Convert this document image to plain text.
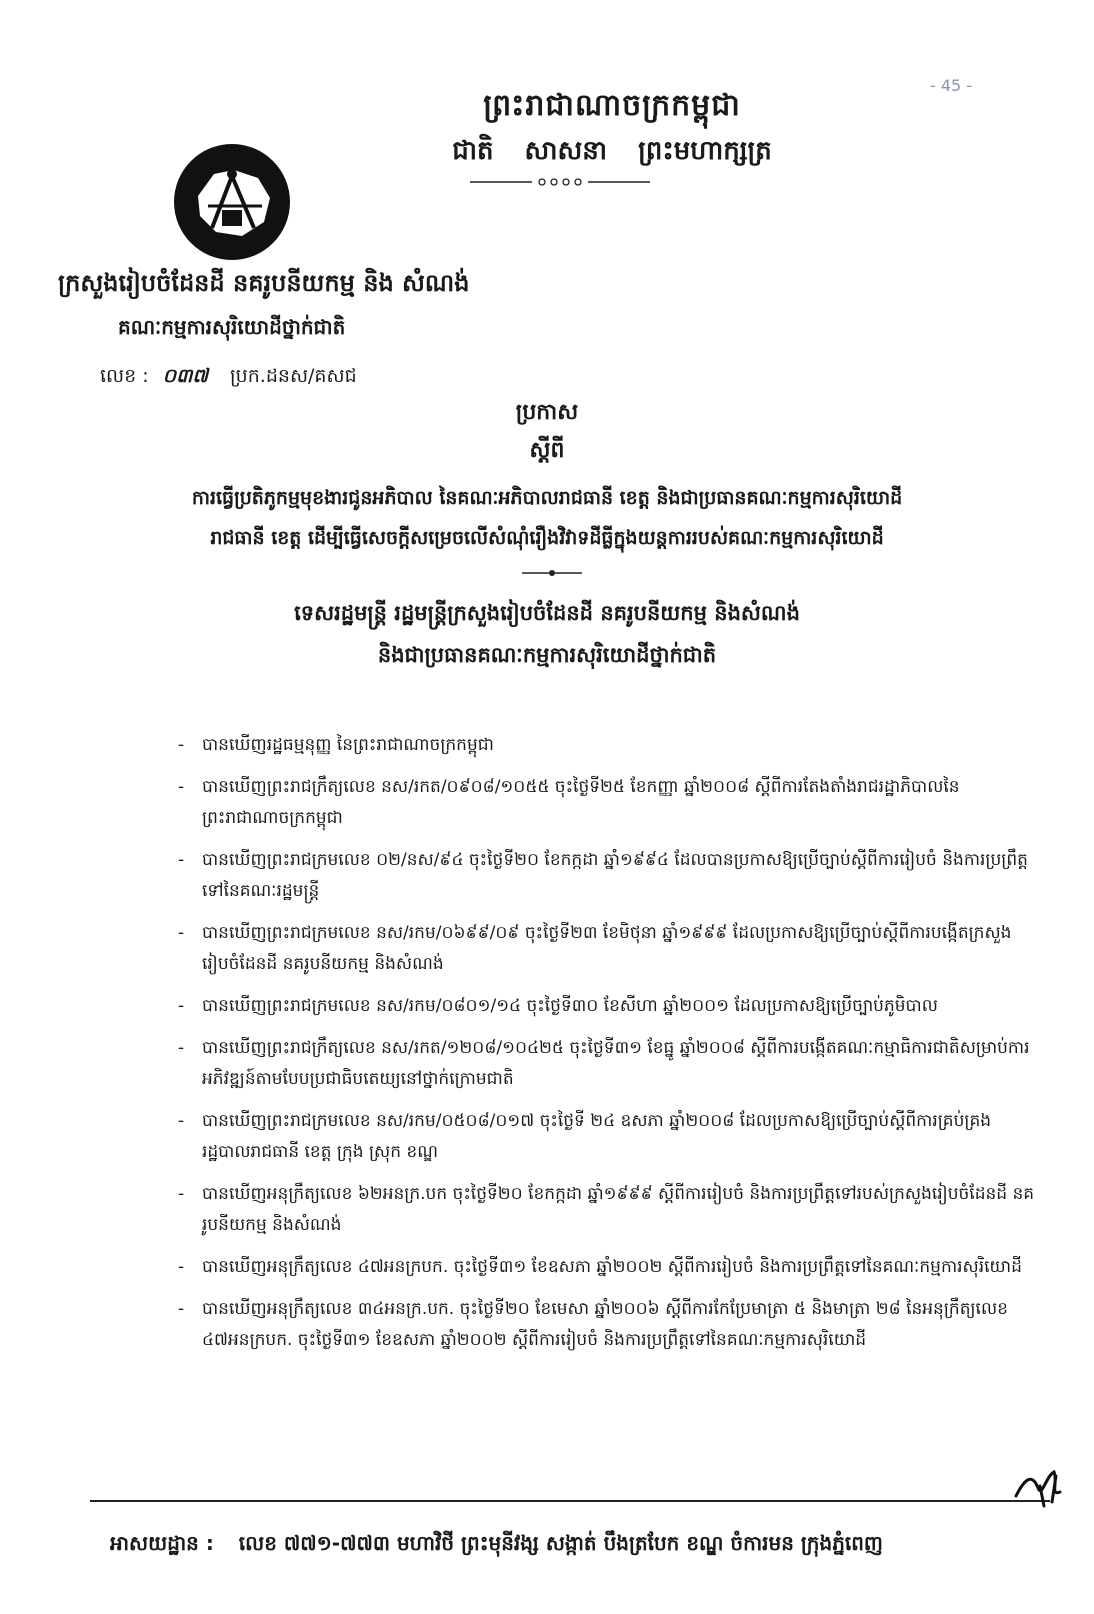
- 45 -
ព្រះរាជាណាចក្រកម្ពុជា
ជាតិ សាសនា ព្រះមហាក្សត្រ
ក្រសួងរៀបចំដែនដី នគរូបនីយកម្ម និង សំណង់
គណៈកម្មការសុរិយោដីថ្នាក់ជាតិ
លេខ : ០៣៧ ប្រក.ដនស/គសជ
ប្រកាស
ស្តីពី
ការធ្វើប្រតិភូកម្មមុខងារជូនអភិបាល នៃគណៈអភិបាលរាជធានី ខេត្ត និងជាប្រធានគណៈកម្មការសុរិយោដី
រាជធានី ខេត្ត ដើម្បីធ្វើសេចក្តីសម្រេចលើសំណុំរឿងវិវាទដីធ្លីក្នុងយន្តការរបស់គណៈកម្មការសុរិយោដី
ទេសរដ្ឋមន្ត្រី រដ្ឋមន្ត្រីក្រសួងរៀបចំដែនដី នគរូបនីយកម្ម និងសំណង់
និងជាប្រធានគណៈកម្មការសុរិយោដីថ្នាក់ជាតិ
- បានឃើញរដ្ឋធម្មនុញ្ញ នៃព្រះរាជាណាចក្រកម្ពុជា
- បានឃើញព្រះរាជក្រឹត្យលេខ នស/រកត/០៩០៨/១០៥៥ ចុះថ្ងៃទី២៥ ខែកញ្ញា ឆ្នាំ២០០៨ ស្តីពីការតែងតាំងរាជរដ្ឋាភិបាលនៃព្រះរាជាណាចក្រកម្ពុជា
- បានឃើញព្រះរាជក្រមលេខ ០២/នស/៩៤ ចុះថ្ងៃទី២០ ខែកក្កដា ឆ្នាំ១៩៩៤ ដែលបានប្រកាសឱ្យប្រើច្បាប់ស្តីពីការរៀបចំ និងការប្រព្រឹត្តទៅនៃគណៈរដ្ឋមន្ត្រី
- បានឃើញព្រះរាជក្រមលេខ នស/រកម/០៦៩៩/០៩ ចុះថ្ងៃទី២៣ ខែមិថុនា ឆ្នាំ១៩៩៩ ដែលប្រកាសឱ្យប្រើច្បាប់ស្តីពីការបង្កើតក្រសួងរៀបចំដែនដី នគរូបនីយកម្ម និងសំណង់
- បានឃើញព្រះរាជក្រមលេខ នស/រកម/០៨០១/១៤ ចុះថ្ងៃទី៣០ ខែសីហា ឆ្នាំ២០០១ ដែលប្រកាសឱ្យប្រើច្បាប់ភូមិបាល
- បានឃើញព្រះរាជក្រឹត្យលេខ នស/រកត/១២០៨/១០៤២៥ ចុះថ្ងៃទី៣១ ខែធ្នូ ឆ្នាំ២០០៨ ស្តីពីការបង្កើតគណៈកម្មាធិការជាតិសម្រាប់ការអភិវឌ្ឍន៍តាមបែបប្រជាធិបតេយ្យនៅថ្នាក់ក្រោមជាតិ
- បានឃើញព្រះរាជក្រមលេខ នស/រកម/០៥០៨/០១៧ ចុះថ្ងៃទី ២៤ ឧសភា ឆ្នាំ២០០៨ ដែលប្រកាសឱ្យប្រើច្បាប់ស្តីពីការគ្រប់គ្រងរដ្ឋបាលរាជធានី ខេត្ត ក្រុង ស្រុក ខណ្ឌ
- បានឃើញអនុក្រឹត្យលេខ ៦២អនក្រ.បក ចុះថ្ងៃទី២០ ខែកក្កដា ឆ្នាំ១៩៩៩ ស្តីពីការរៀបចំ និងការប្រព្រឹត្តទៅរបស់ក្រសួងរៀបចំដែនដី នគរូបនីយកម្ម និងសំណង់
- បានឃើញអនុក្រឹត្យលេខ ៤៧អនក្របក. ចុះថ្ងៃទី៣១ ខែឧសភា ឆ្នាំ២០០២ ស្តីពីការរៀបចំ និងការប្រព្រឹត្តទៅនៃគណៈកម្មការសុរិយោដី
- បានឃើញអនុក្រឹត្យលេខ ៣៤អនក្រ.បក. ចុះថ្ងៃទី២០ ខែមេសា ឆ្នាំ២០០៦ ស្តីពីការកែប្រែមាត្រា ៥ និងមាត្រា ២៨ នៃអនុក្រឹត្យលេខ ៤៧អនក្របក. ចុះថ្ងៃទី៣១ ខែឧសភា ឆ្នាំ២០០២ ស្តីពីការរៀបចំ និងការប្រព្រឹត្តទៅនៃគណៈកម្មការសុរិយោដី
អាសយដ្ឋាន : លេខ ៧៧១-៧៧៣ មហាវិថី ព្រះមុនីវង្ស សង្កាត់ បឹងត្របែក ខណ្ឌ ចំការមន ក្រុងភ្នំពេញ
